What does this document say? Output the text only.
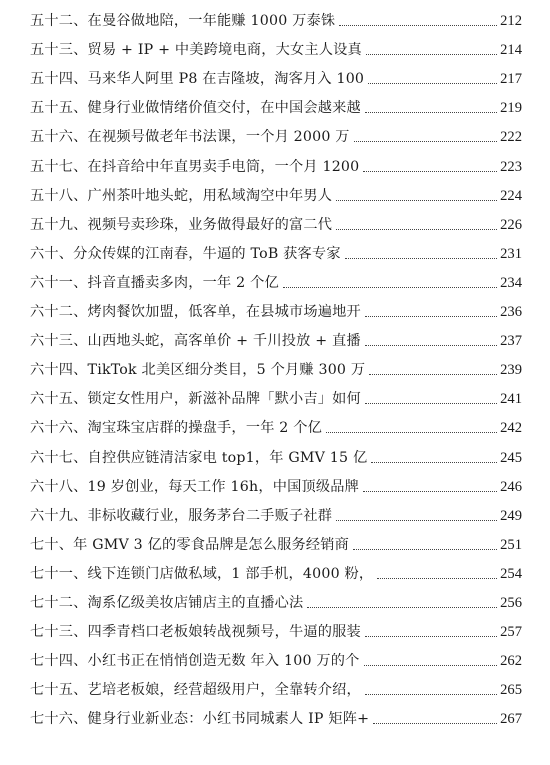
五十二、在曼谷做地陪，一年能赚 1000 万泰铢	212
五十三、贸易 + IP + 中美跨境电商，大女主人设真	214
五十四、马来华人阿里 P8 在吉隆坡，淘客月入 100	217
五十五、健身行业做情绪价值交付，在中国会越来越	219
五十六、在视频号做老年书法课，一个月 2000 万	222
五十七、在抖音给中年直男卖手电筒，一个月 1200	223
五十八、广州茶叶地头蛇，用私域淘空中年男人	224
五十九、视频号卖珍珠，业务做得最好的富二代	226
六十、分众传媒的江南春，牛逼的 ToB 获客专家	231
六十一、抖音直播卖多肉，一年 2 个亿	234
六十二、烤肉餐饮加盟，低客单，在县城市场遍地开	236
六十三、山西地头蛇，高客单价 + 千川投放 + 直播	237
六十四、TikTok 北美区细分类目，5 个月赚 300 万	239
六十五、锁定女性用户，新滋补品牌「默小吉」如何	241
六十六、淘宝珠宝店群的操盘手，一年 2 个亿	242
六十七、自控供应链清洁家电 top1，年 GMV 15 亿	245
六十八、19 岁创业，每天工作 16h，中国顶级品牌	246
六十九、非标收藏行业，服务茅台二手贩子社群	249
七十、年 GMV 3 亿的零食品牌是怎么服务经销商	251
七十一、线下连锁门店做私域，1 部手机，4000 粉，	254
七十二、淘系亿级美妆店铺店主的直播心法	256
七十三、四季青档口老板娘转战视频号，牛逼的服装	257
七十四、小红书正在悄悄创造无数 年入 100 万的个	262
七十五、艺培老板娘，经营超级用户，全靠转介绍，	265
七十六、健身行业新业态：小红书同城素人 IP 矩阵+	267
